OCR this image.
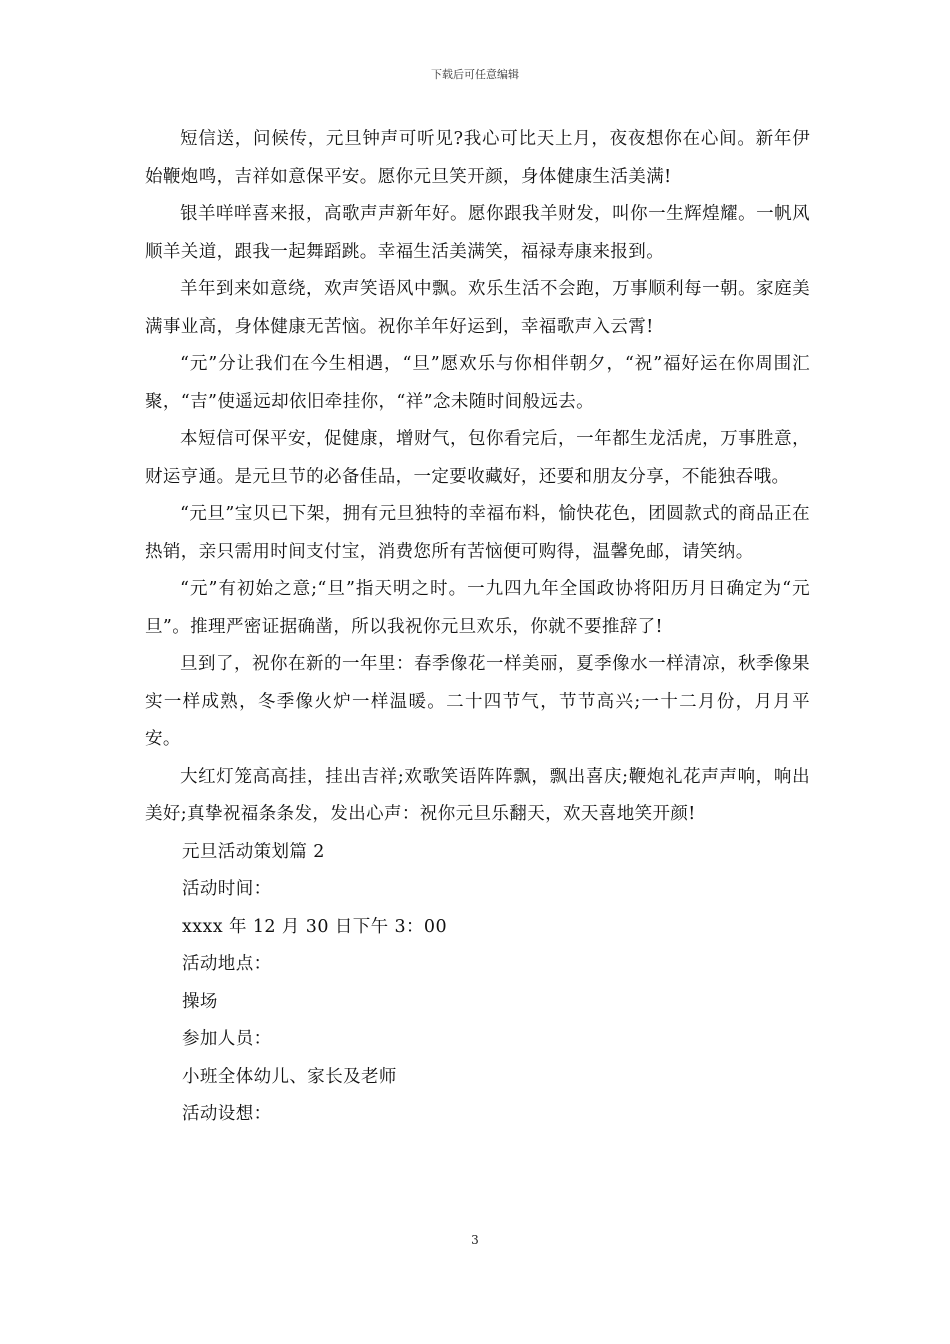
下载后可任意编辑

短信送，问候传，元旦钟声可听见?我心可比天上月，夜夜想你在心间。新年伊始鞭炮鸣，吉祥如意保平安。愿你元旦笑开颜，身体健康生活美满!

银羊咩咩喜来报，高歌声声新年好。愿你跟我羊财发，叫你一生辉煌耀。一帆风顺羊关道，跟我一起舞蹈跳。幸福生活美满笑，福禄寿康来报到。

羊年到来如意绕，欢声笑语风中飘。欢乐生活不会跑，万事顺利每一朝。家庭美满事业高，身体健康无苦恼。祝你羊年好运到，幸福歌声入云霄!

“元”分让我们在今生相遇，“旦”愿欢乐与你相伴朝夕，“祝”福好运在你周围汇聚，“吉”使遥远却依旧牵挂你，“祥”念未随时间般远去。

本短信可保平安，促健康，增财气，包你看完后，一年都生龙活虎，万事胜意，财运亨通。是元旦节的必备佳品，一定要收藏好，还要和朋友分享，不能独吞哦。

“元旦”宝贝已下架，拥有元旦独特的幸福布料，愉快花色，团圆款式的商品正在热销，亲只需用时间支付宝，消费您所有苦恼便可购得，温馨免邮，请笑纳。

“元”有初始之意;“旦”指天明之时。一九四九年全国政协将阳历月日确定为“元旦”。推理严密证据确凿，所以我祝你元旦欢乐，你就不要推辞了!

旦到了，祝你在新的一年里：春季像花一样美丽，夏季像水一样清凉，秋季像果实一样成熟，冬季像火炉一样温暖。二十四节气，节节高兴;一十二月份，月月平安。

大红灯笼高高挂，挂出吉祥;欢歌笑语阵阵飘，飘出喜庆;鞭炮礼花声声响，响出美好;真挚祝福条条发，发出心声：祝你元旦乐翻天，欢天喜地笑开颜!

元旦活动策划篇 2

活动时间：

xxxx 年 12 月 30 日下午 3：00

活动地点：

操场

参加人员：

小班全体幼儿、家长及老师

活动设想：

3
